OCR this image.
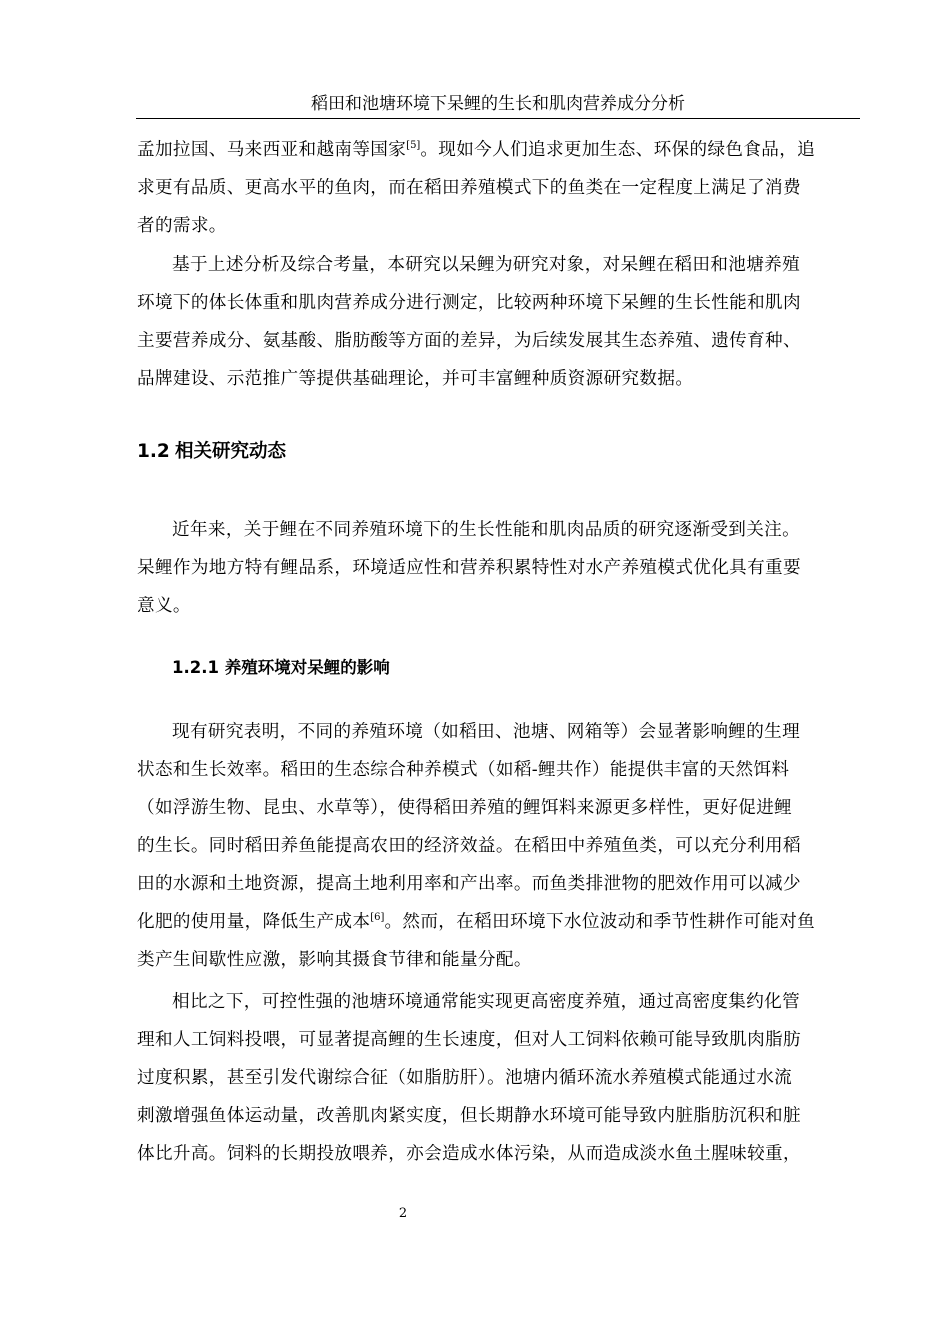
稻田和池塘环境下呆鲤的生长和肌肉营养成分分析
孟加拉国、马来西亚和越南等国家[5]。现如今人们追求更加生态、环保的绿色食品，追
求更有品质、更高水平的鱼肉，而在稻田养殖模式下的鱼类在一定程度上满足了消费
者的需求。
基于上述分析及综合考量，本研究以呆鲤为研究对象，对呆鲤在稻田和池塘养殖
环境下的体长体重和肌肉营养成分进行测定，比较两种环境下呆鲤的生长性能和肌肉
主要营养成分、氨基酸、脂肪酸等方面的差异，为后续发展其生态养殖、遗传育种、
品牌建设、示范推广等提供基础理论，并可丰富鲤种质资源研究数据。
1.2 相关研究动态
近年来，关于鲤在不同养殖环境下的生长性能和肌肉品质的研究逐渐受到关注。
呆鲤作为地方特有鲤品系，环境适应性和营养积累特性对水产养殖模式优化具有重要
意义。
1.2.1 养殖环境对呆鲤的影响
现有研究表明，不同的养殖环境（如稻田、池塘、网箱等）会显著影响鲤的生理
状态和生长效率。稻田的生态综合种养模式（如稻-鲤共作）能提供丰富的天然饵料
（如浮游生物、昆虫、水草等），使得稻田养殖的鲤饵料来源更多样性，更好促进鲤
的生长。同时稻田养鱼能提高农田的经济效益。在稻田中养殖鱼类，可以充分利用稻
田的水源和土地资源，提高土地利用率和产出率。而鱼类排泄物的肥效作用可以减少
化肥的使用量，降低生产成本[6]。然而，在稻田环境下水位波动和季节性耕作可能对鱼
类产生间歇性应激，影响其摄食节律和能量分配。
相比之下，可控性强的池塘环境通常能实现更高密度养殖，通过高密度集约化管
理和人工饲料投喂，可显著提高鲤的生长速度，但对人工饲料依赖可能导致肌肉脂肪
过度积累，甚至引发代谢综合征（如脂肪肝）。池塘内循环流水养殖模式能通过水流
刺激增强鱼体运动量，改善肌肉紧实度，但长期静水环境可能导致内脏脂肪沉积和脏
体比升高。饲料的长期投放喂养，亦会造成水体污染，从而造成淡水鱼土腥味较重，
2
